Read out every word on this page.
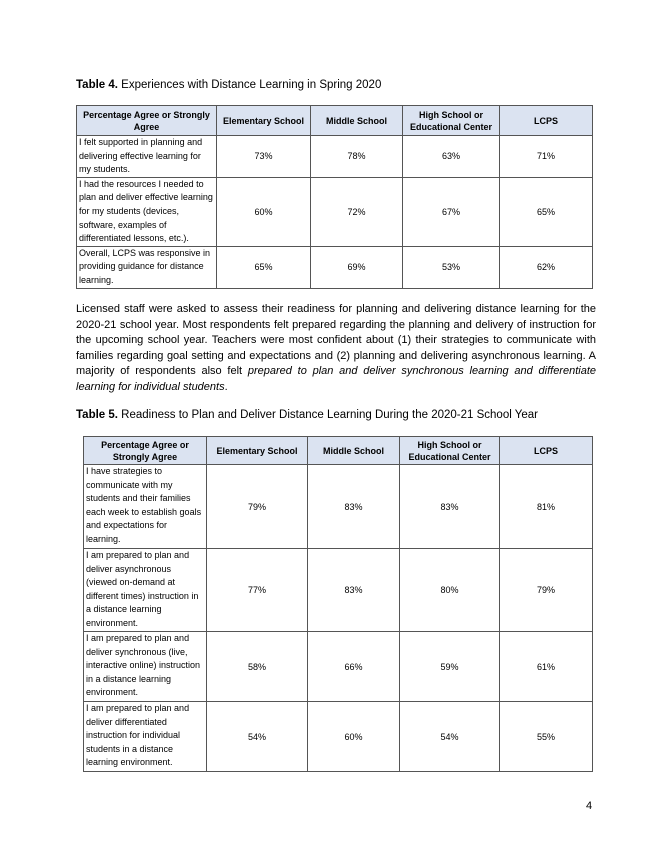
Table 4. Experiences with Distance Learning in Spring 2020
Percentage Agree or Strongly Agree	Elementary School	Middle School	High School or Educational Center	LCPS
I felt supported in planning and delivering effective learning for my students.	73%	78%	63%	71%
I had the resources I needed to plan and deliver effective learning for my students (devices, software, examples of differentiated lessons, etc.).	60%	72%	67%	65%
Overall, LCPS was responsive in providing guidance for distance learning.	65%	69%	53%	62%
Licensed staff were asked to assess their readiness for planning and delivering distance learning for the 2020-21 school year. Most respondents felt prepared regarding the planning and delivery of instruction for the upcoming school year. Teachers were most confident about (1) their strategies to communicate with families regarding goal setting and expectations and (2) planning and delivering asynchronous learning. A majority of respondents also felt prepared to plan and deliver synchronous learning and differentiate learning for individual students.
Table 5. Readiness to Plan and Deliver Distance Learning During the 2020-21 School Year
Percentage Agree or Strongly Agree	Elementary School	Middle School	High School or Educational Center	LCPS
I have strategies to communicate with my students and their families each week to establish goals and expectations for learning.	79%	83%	83%	81%
I am prepared to plan and deliver asynchronous (viewed on-demand at different times) instruction in a distance learning environment.	77%	83%	80%	79%
I am prepared to plan and deliver synchronous (live, interactive online) instruction in a distance learning environment.	58%	66%	59%	61%
I am prepared to plan and deliver differentiated instruction for individual students in a distance learning environment.	54%	60%	54%	55%
4
